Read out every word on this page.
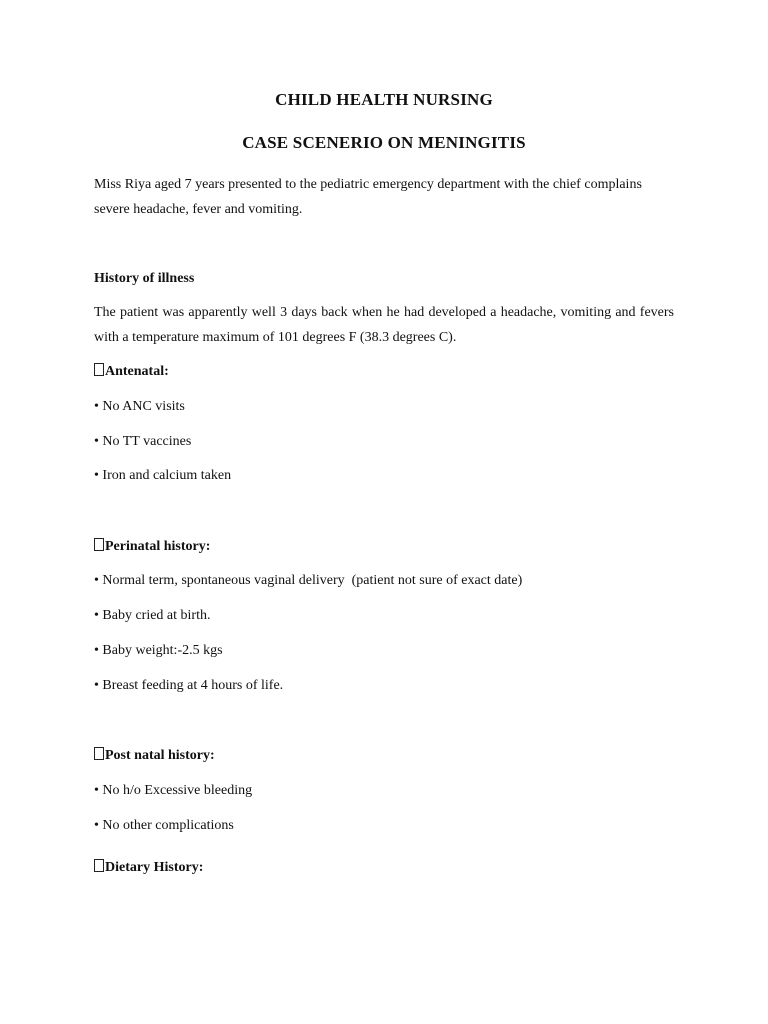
CHILD HEALTH NURSING
CASE SCENERIO ON MENINGITIS
Miss Riya aged 7 years presented to the pediatric emergency department with the chief complains severe headache, fever and vomiting.
History of illness
The patient was apparently well 3 days back when he had developed a headache, vomiting and fevers with a temperature maximum of 101 degrees F (38.3 degrees C).
Antenatal:
• No ANC visits
• No TT vaccines
• Iron and calcium taken
Perinatal history:
• Normal term, spontaneous vaginal delivery  (patient not sure of exact date)
• Baby cried at birth.
• Baby weight:-2.5 kgs
• Breast feeding at 4 hours of life.
Post natal history:
• No h/o Excessive bleeding
• No other complications
Dietary History:
